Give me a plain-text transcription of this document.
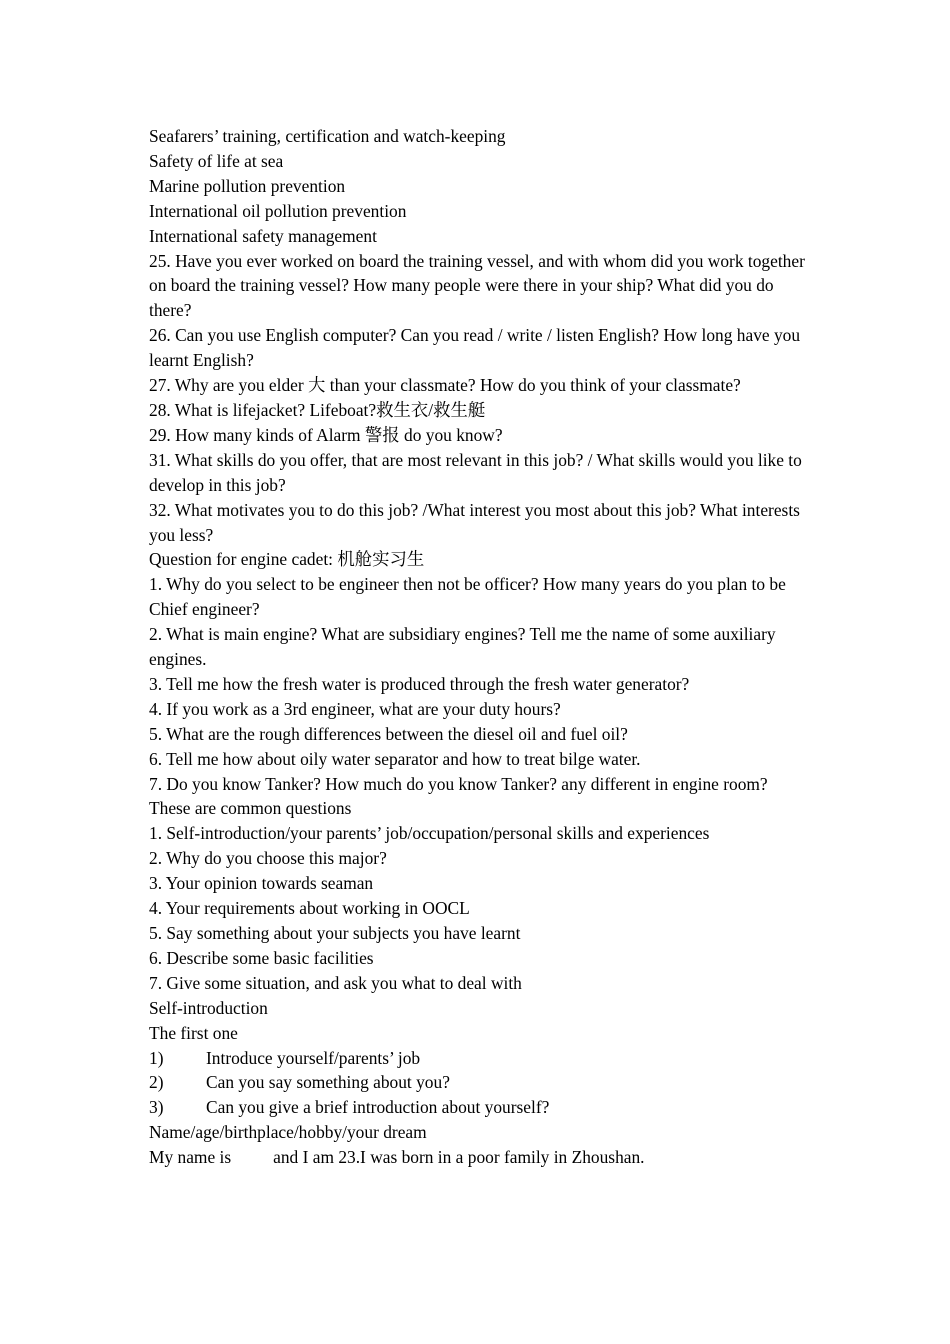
Seafarers’ training, certification and watch-keeping

Safety of life at sea

Marine pollution prevention

International oil pollution prevention

International safety management

25. Have you ever worked on board the training vessel, and with whom did you work together on board the training vessel? How many people were there in your ship? What did you do there?

26. Can you use English computer? Can you read / write / listen English? How long have you learnt English?

27. Why are you elder 大 than your classmate? How do you think of your classmate?

28. What is lifejacket? Lifeboat?救生衣/救生艇

29. How many kinds of Alarm 警报 do you know?

31. What skills do you offer, that are most relevant in this job? / What skills would you like to develop in this job?

32. What motivates you to do this job? /What interest you most about this job? What interests you less?

Question for engine cadet: 机舱实习生

1. Why do you select to be engineer then not be officer? How many years do you plan to be Chief engineer?

2. What is main engine? What are subsidiary engines? Tell me the name of some auxiliary engines.

3. Tell me how the fresh water is produced through the fresh water generator?

4. If you work as a 3rd engineer, what are your duty hours?

5. What are the rough differences between the diesel oil and fuel oil?

6. Tell me how about oily water separator and how to treat bilge water.

7. Do you know Tanker? How much do you know Tanker? any different in engine room?

These are common questions

1. Self-introduction/your parents’ job/occupation/personal skills and experiences

2. Why do you choose this major?

3. Your opinion towards seaman

4. Your requirements about working in OOCL

5. Say something about your subjects you have learnt

6. Describe some basic facilities

7. Give some situation, and ask you what to deal with

Self-introduction

The first one

1)	Introduce yourself/parents’ job
2)	Can you say something about you?
3)	Can you give a brief introduction about yourself?

Name/age/birthplace/hobby/your dream

My name is and I am 23.I was born in a poor family in Zhoushan.
